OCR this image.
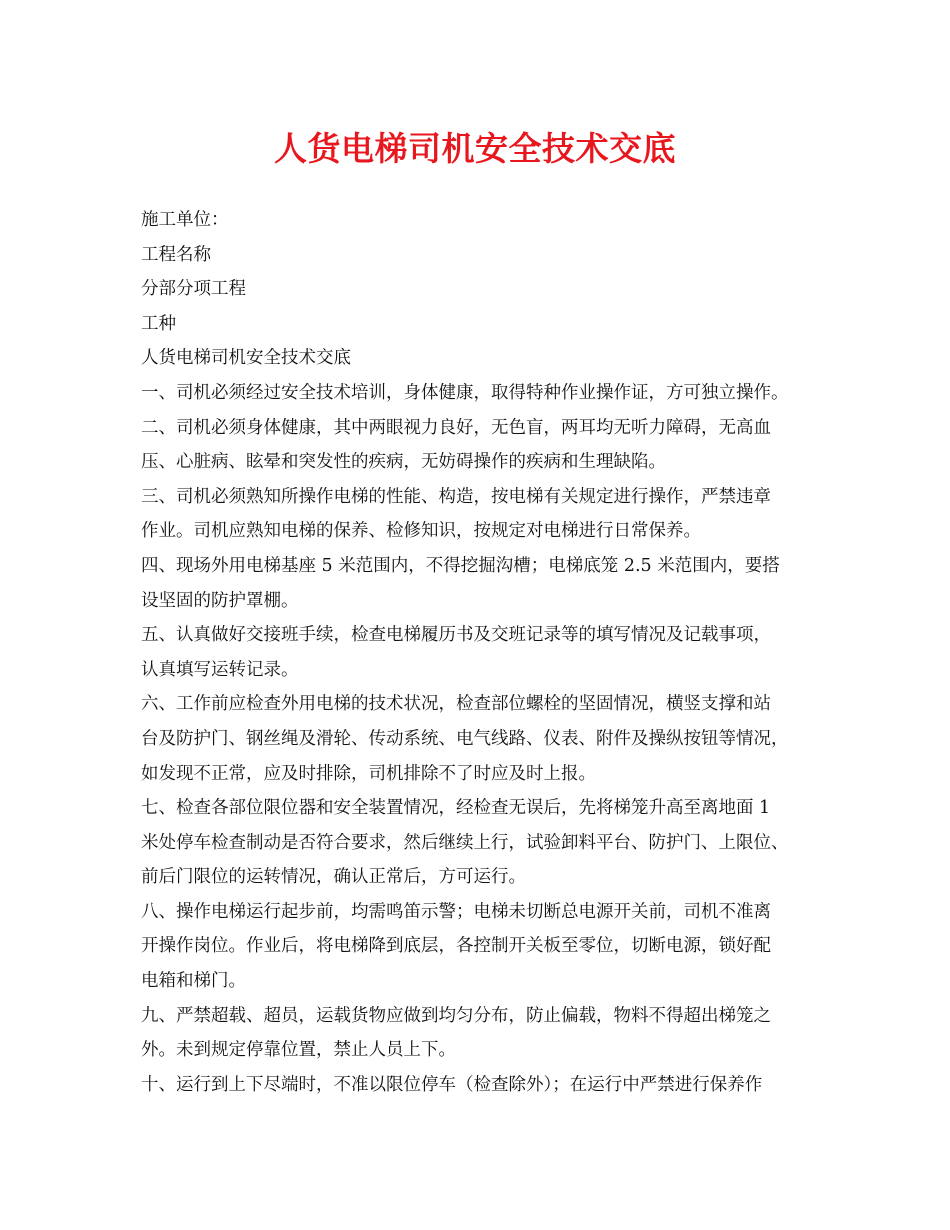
人货电梯司机安全技术交底
施工单位：
工程名称
分部分项工程
工种
人货电梯司机安全技术交底
一、司机必须经过安全技术培训，身体健康，取得特种作业操作证，方可独立操作。
二、司机必须身体健康，其中两眼视力良好，无色盲，两耳均无听力障碍，无高血
压、心脏病、眩晕和突发性的疾病，无妨碍操作的疾病和生理缺陷。
三、司机必须熟知所操作电梯的性能、构造，按电梯有关规定进行操作，严禁违章
作业。司机应熟知电梯的保养、检修知识，按规定对电梯进行日常保养。
四、现场外用电梯基座 5 米范围内，不得挖掘沟槽；电梯底笼 2.5 米范围内，要搭
设坚固的防护罩棚。
五、认真做好交接班手续，检查电梯履历书及交班记录等的填写情况及记载事项，
认真填写运转记录。
六、工作前应检查外用电梯的技术状况，检查部位螺栓的坚固情况，横竖支撑和站
台及防护门、钢丝绳及滑轮、传动系统、电气线路、仪表、附件及操纵按钮等情况，
如发现不正常，应及时排除，司机排除不了时应及时上报。
七、检查各部位限位器和安全装置情况，经检查无误后，先将梯笼升高至离地面 1
米处停车检查制动是否符合要求，然后继续上行，试验卸料平台、防护门、上限位、
前后门限位的运转情况，确认正常后，方可运行。
八、操作电梯运行起步前，均需鸣笛示警；电梯未切断总电源开关前，司机不准离
开操作岗位。作业后，将电梯降到底层，各控制开关板至零位，切断电源，锁好配
电箱和梯门。
九、严禁超载、超员，运载货物应做到均匀分布，防止偏载，物料不得超出梯笼之
外。未到规定停靠位置，禁止人员上下。
十、运行到上下尽端时，不准以限位停车（检查除外）；在运行中严禁进行保养作
